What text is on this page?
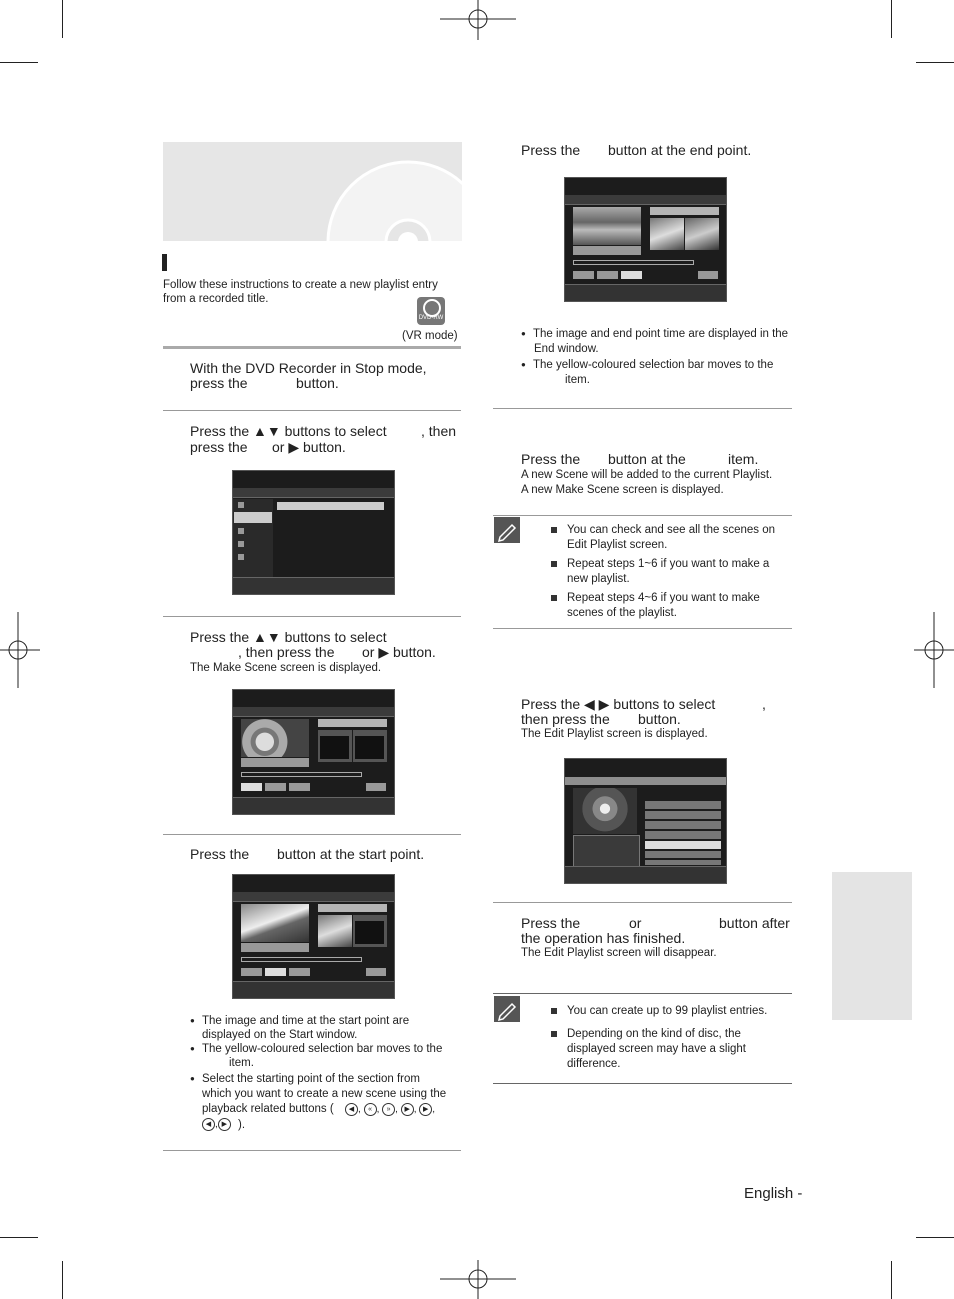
Follow these instructions to create a new playlist entry
from a recorded title.
DVD-RW
(VR mode)
With the DVD Recorder in Stop mode,
press the	button.
Press the ▲▼ buttons to select , then
press the or ▶ button.
Press the ▲▼ buttons to select
, then press the or ▶ button.
The Make Scene screen is displayed.
Press the button at the start point.
● The image and time at the start point are
displayed on the Start window.
● The yellow-coloured selection bar moves to the
item.
● Select the starting point of the section from
which you want to create a new scene using the
playback related buttons (	◀ , « , » , ▶ , ▶ ,
◀ , ▶ ).
Press the button at the end point.
● The image and end point time are displayed in the
End window.
● The yellow-coloured selection bar moves to the
item.
Press the button at the	item.
A new Scene will be added to the current Playlist.
A new Make Scene screen is displayed.
You can check and see all the scenes on
Edit Playlist screen.
Repeat steps 1~6 if you want to make a
new playlist.
Repeat steps 4~6 if you want to make
scenes of the playlist.
Press the ◀ ▶ buttons to select	,
then press the button.
The Edit Playlist screen is displayed.
Press the	or	button after
the operation has finished.
The Edit Playlist screen will disappear.
You can create up to 99 playlist entries.
Depending on the kind of disc, the
displayed screen may have a slight
difference.
English -
